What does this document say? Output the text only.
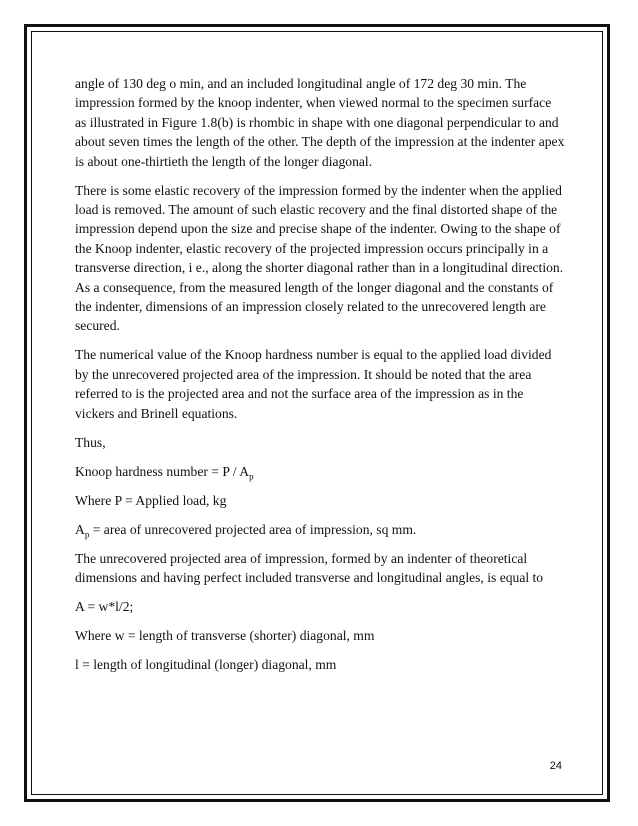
angle of 130 deg o min, and an included longitudinal angle of 172 deg 30 min. The impression formed by the knoop indenter, when viewed normal to the specimen surface as illustrated in Figure 1.8(b) is rhombic in shape with one diagonal perpendicular to and about seven times the length of the other. The depth of the impression at the indenter apex is about one-thirtieth the length of the longer diagonal.

There is some elastic recovery of the impression formed by the indenter when the applied load is removed. The amount of such elastic recovery and the final distorted shape of the impression depend upon the size and precise shape of the indenter. Owing to the shape of the Knoop indenter, elastic recovery of the projected impression occurs principally in a transverse direction, i e., along the shorter diagonal rather than in a longitudinal direction. As a consequence, from the measured length of the longer diagonal and the constants of the indenter, dimensions of an impression closely related to the unrecovered length are secured.

The numerical value of the Knoop hardness number is equal to the applied load divided by the unrecovered projected area of the impression. It should be noted that the area referred to is the projected area and not the surface area of the impression as in the vickers and Brinell equations.

Thus,

Knoop hardness number = P / $A_p$

Where P = Applied load, kg

$A_p$ = area of unrecovered projected area of impression, sq mm.

The unrecovered projected area of impression, formed by an indenter of theoretical dimensions and having perfect included transverse and longitudinal angles, is equal to

A = w*l/2;

Where w = length of transverse (shorter) diagonal, mm

l = length of longitudinal (longer) diagonal, mm

24
